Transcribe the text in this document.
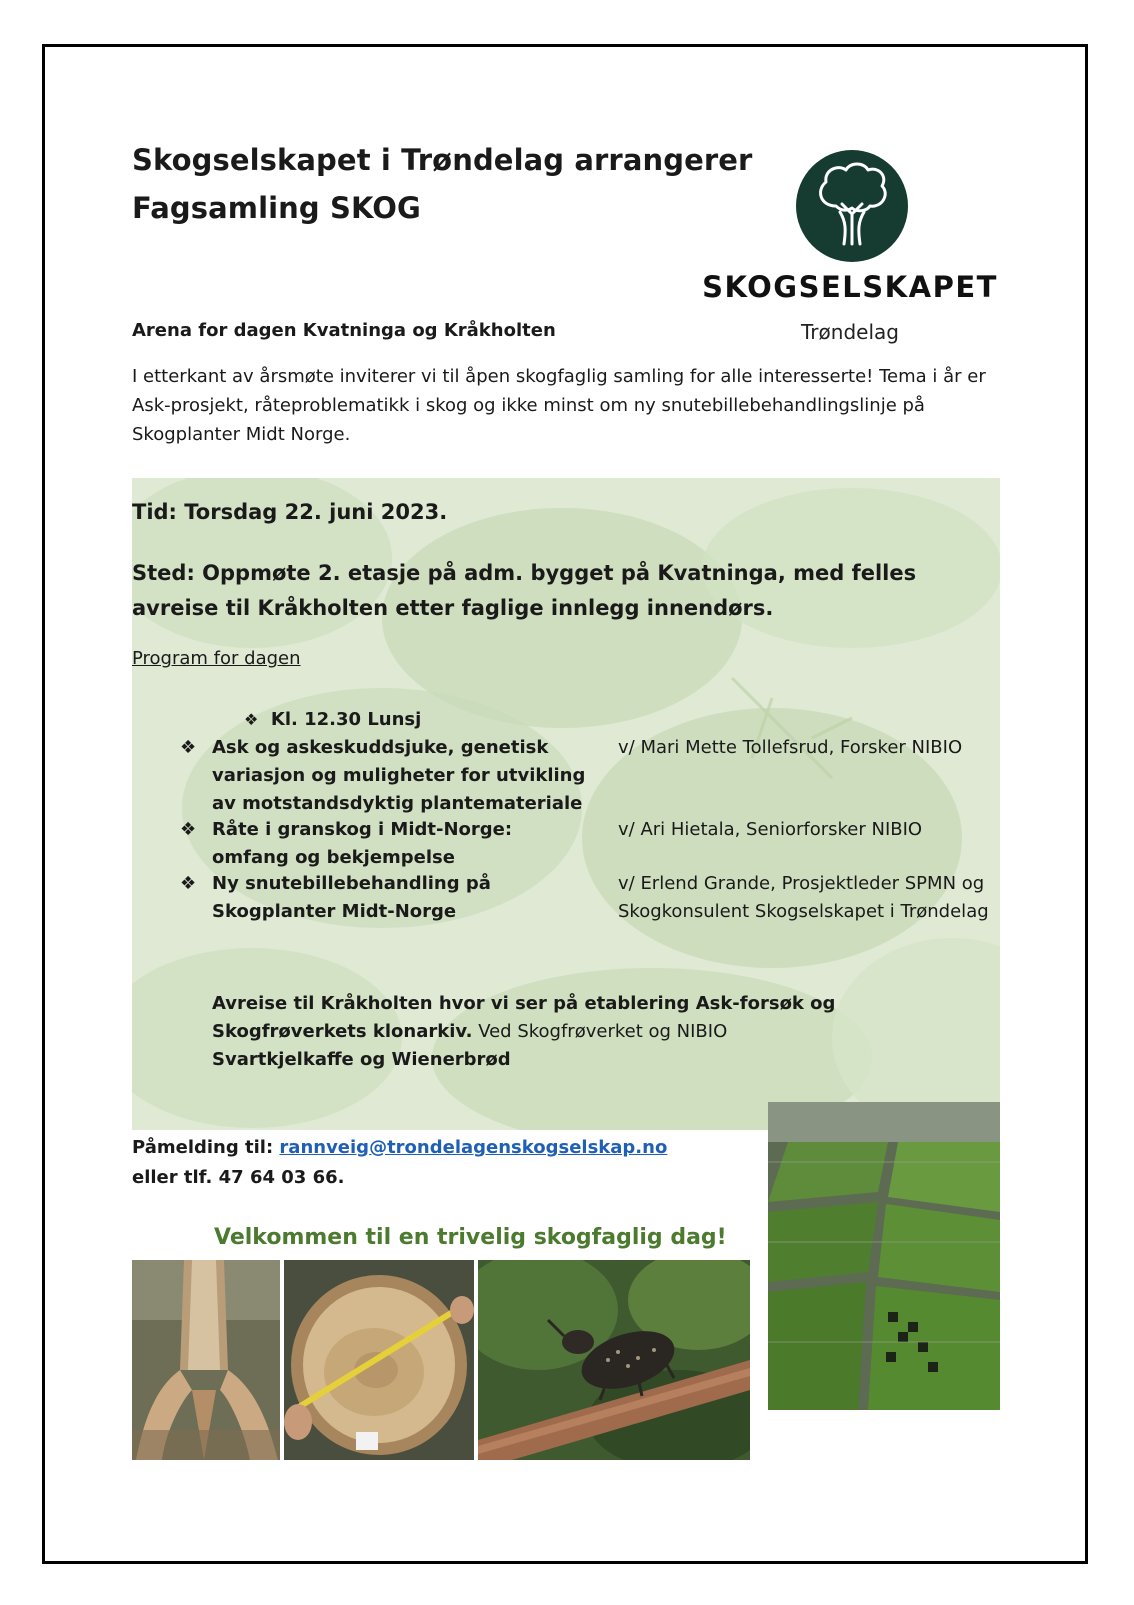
Skogselskapet i Trøndelag arrangerer
Fagsamling SKOG
SKOGSELSKAPET
Trøndelag

Arena for dagen Kvatninga og Kråkholten

I etterkant av årsmøte inviterer vi til åpen skogfaglig samling for alle interesserte! Tema i år er Ask-prosjekt, råteproblematikk i skog og ikke minst om ny snutebillebehandlingslinje på Skogplanter Midt Norge.

Tid: Torsdag 22. juni 2023.
Sted: Oppmøte 2. etasje på adm. bygget på Kvatninga, med felles avreise til Kråkholten etter faglige innlegg innendørs.
Program for dagen
❖ Kl. 12.30 Lunsj
❖ Ask og askeskuddsjuke, genetisk variasjon og muligheter for utvikling av motstandsdyktig plantemateriale
v/ Mari Mette Tollefsrud, Forsker NIBIO
❖ Råte i granskog i Midt-Norge: omfang og bekjempelse
v/ Ari Hietala, Seniorforsker NIBIO
❖ Ny snutebillebehandling på Skogplanter Midt-Norge
v/ Erlend Grande, Prosjektleder SPMN og Skogkonsulent Skogselskapet i Trøndelag
Avreise til Kråkholten hvor vi ser på etablering Ask-forsøk og Skogfrøverkets klonarkiv. Ved Skogfrøverket og NIBIO
Svartkjelkaffe og Wienerbrød
Påmelding til: rannveig@trondelagenskogselskap.no
eller tlf. 47 64 03 66.
Velkommen til en trivelig skogfaglig dag!
